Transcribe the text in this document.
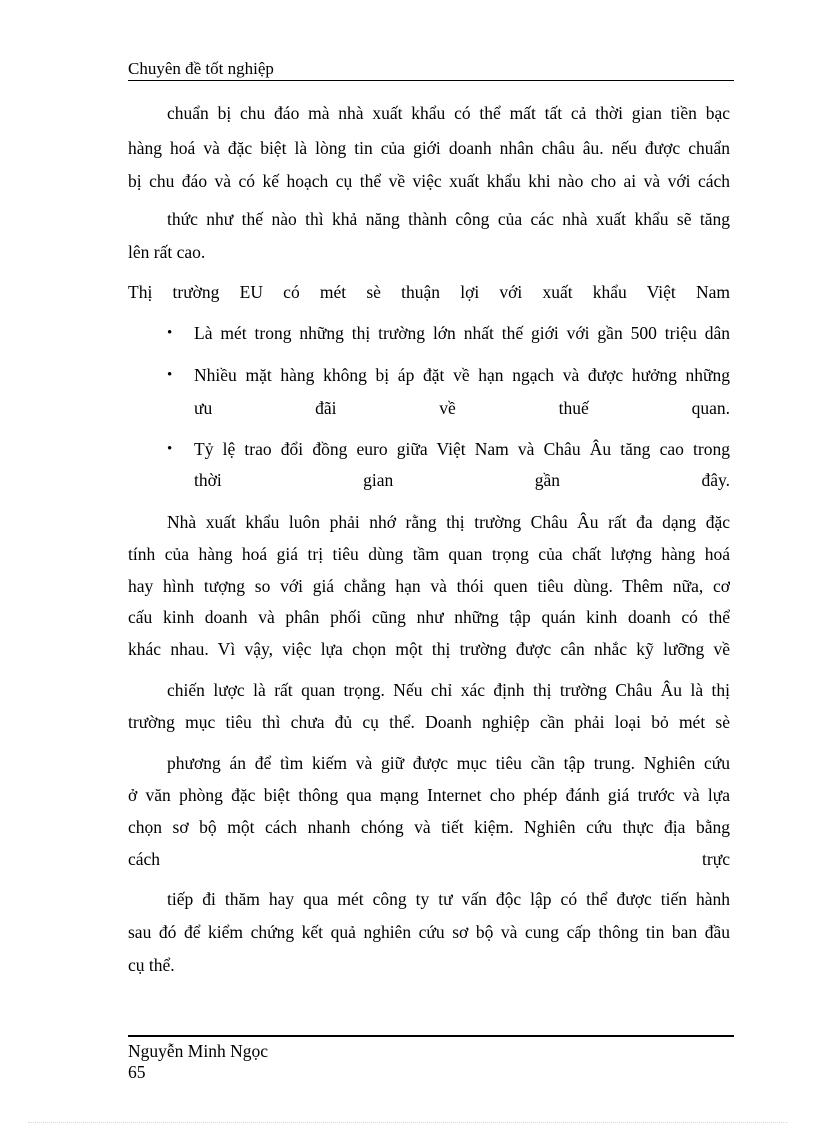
Chuyên đề tốt nghiệp
chuẩn bị chu đáo mà nhà xuất khẩu có thể mất tất cả thời gian tiền bạc
hàng hoá và đặc biệt là lòng tin của giới doanh nhân châu âu. nếu được chuẩn
bị chu đáo và có kế hoạch cụ thể về việc xuất khẩu khi nào cho ai và với cách
thức như thế nào thì khả năng thành công của các nhà xuất khẩu sẽ tăng
lên rất cao.
Thị trường EU có mét sè thuận lợi với xuất khẩu Việt Nam
• Là mét trong những thị trường lớn nhất thế giới với gần 500 triệu dân
• Nhiều mặt hàng không bị áp đặt về hạn ngạch và được hưởng những
ưu đãi về thuế quan.
• Tỷ lệ trao đổi đồng euro giữa Việt Nam và Châu Âu tăng cao trong
thời gian gần đây.
Nhà xuất khẩu luôn phải nhớ rằng thị trường Châu Âu rất đa dạng đặc
tính của hàng hoá giá trị tiêu dùng tầm quan trọng của chất lượng hàng hoá
hay hình tượng so với giá chẳng hạn và thói quen tiêu dùng. Thêm nữa, cơ
cấu kinh doanh và phân phối cũng như những tập quán kinh doanh có thể
khác nhau. Vì vậy, việc lựa chọn một thị trường được cân nhắc kỹ lưỡng về
chiến lược là rất quan trọng. Nếu chỉ xác định thị trường Châu Âu là thị
trường mục tiêu thì chưa đủ cụ thể. Doanh nghiệp cần phải loại bỏ mét sè
phương án để tìm kiếm và giữ được mục tiêu cần tập trung. Nghiên cứu
ở văn phòng đặc biệt thông qua mạng Internet cho phép đánh giá trước và lựa
chọn sơ bộ một cách nhanh chóng và tiết kiệm. Nghiên cứu thực địa bằng
cách trực
tiếp đi thăm hay qua mét công ty tư vấn độc lập có thể được tiến hành
sau đó để kiểm chứng kết quả nghiên cứu sơ bộ và cung cấp thông tin ban đầu
cụ thể.
Nguyễn Minh Ngọc
65
